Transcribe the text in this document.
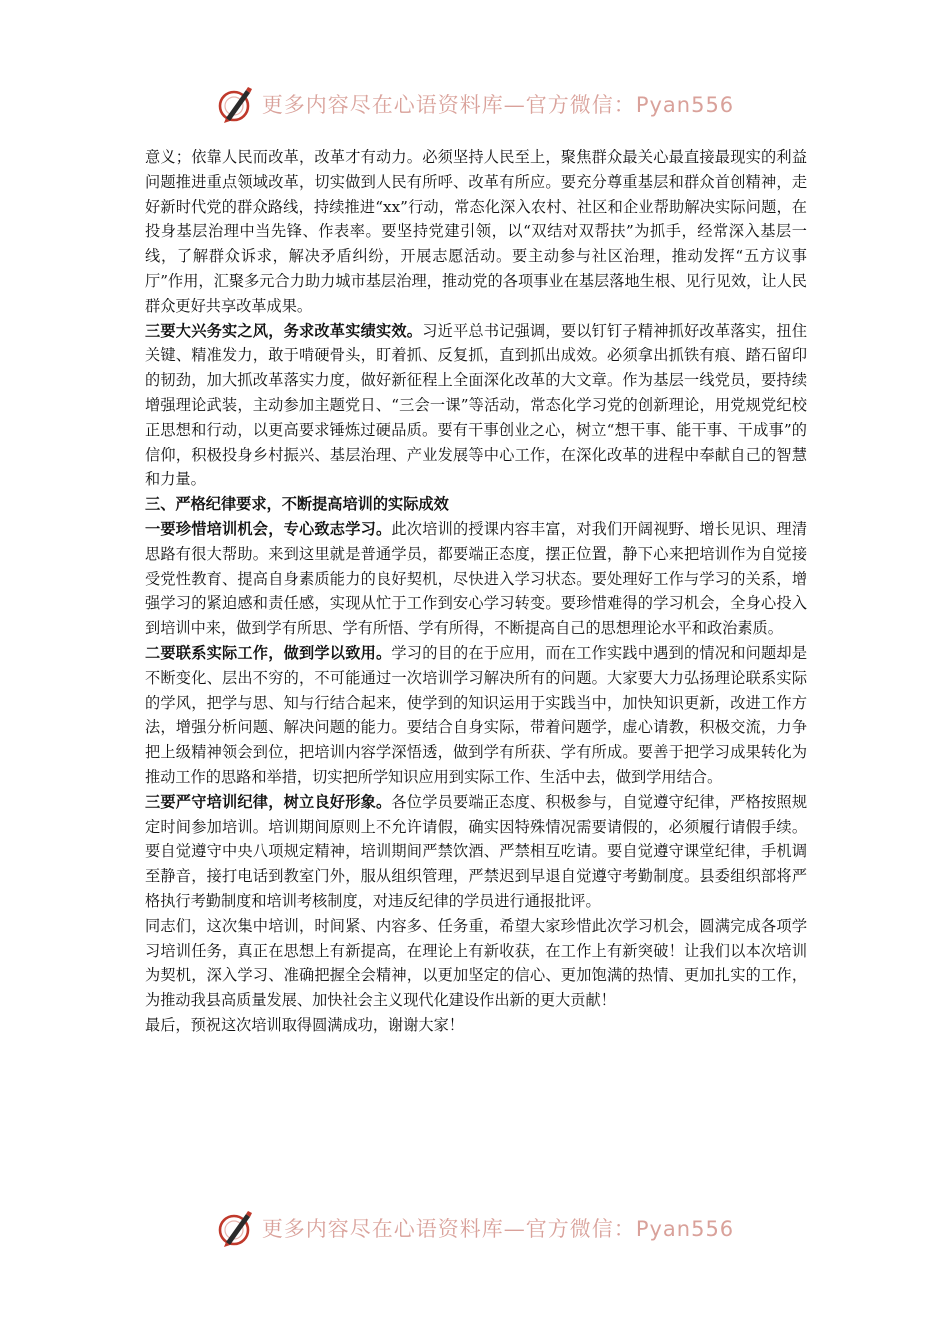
更多内容尽在心语资料库—官方微信：Pyan556

意义；依靠人民而改革，改革才有动力。必须坚持人民至上，聚焦群众最关心最直接最现实的利益问题推进重点领域改革，切实做到人民有所呼、改革有所应。要充分尊重基层和群众首创精神，走好新时代党的群众路线，持续推进“xx”行动，常态化深入农村、社区和企业帮助解决实际问题，在投身基层治理中当先锋、作表率。要坚持党建引领，以“双结对双帮扶”为抓手，经常深入基层一线，了解群众诉求，解决矛盾纠纷，开展志愿活动。要主动参与社区治理，推动发挥“五方议事厅”作用，汇聚多元合力助力城市基层治理，推动党的各项事业在基层落地生根、见行见效，让人民群众更好共享改革成果。

三要大兴务实之风，务求改革实绩实效。习近平总书记强调，要以钉钉子精神抓好改革落实，扭住关键、精准发力，敢于啃硬骨头，盯着抓、反复抓，直到抓出成效。必须拿出抓铁有痕、踏石留印的韧劲，加大抓改革落实力度，做好新征程上全面深化改革的大文章。作为基层一线党员，要持续增强理论武装，主动参加主题党日、“三会一课”等活动，常态化学习党的创新理论，用党规党纪校正思想和行动，以更高要求锤炼过硬品质。要有干事创业之心，树立“想干事、能干事、干成事”的信仰，积极投身乡村振兴、基层治理、产业发展等中心工作，在深化改革的进程中奉献自己的智慧和力量。

三、严格纪律要求，不断提高培训的实际成效

一要珍惜培训机会，专心致志学习。此次培训的授课内容丰富，对我们开阔视野、增长见识、理清思路有很大帮助。来到这里就是普通学员，都要端正态度，摆正位置，静下心来把培训作为自觉接受党性教育、提高自身素质能力的良好契机，尽快进入学习状态。要处理好工作与学习的关系，增强学习的紧迫感和责任感，实现从忙于工作到安心学习转变。要珍惜难得的学习机会，全身心投入到培训中来，做到学有所思、学有所悟、学有所得，不断提高自己的思想理论水平和政治素质。

二要联系实际工作，做到学以致用。学习的目的在于应用，而在工作实践中遇到的情况和问题却是不断变化、层出不穷的，不可能通过一次培训学习解决所有的问题。大家要大力弘扬理论联系实际的学风，把学与思、知与行结合起来，使学到的知识运用于实践当中，加快知识更新，改进工作方法，增强分析问题、解决问题的能力。要结合自身实际，带着问题学，虚心请教，积极交流，力争把上级精神领会到位，把培训内容学深悟透，做到学有所获、学有所成。要善于把学习成果转化为推动工作的思路和举措，切实把所学知识应用到实际工作、生活中去，做到学用结合。

三要严守培训纪律，树立良好形象。各位学员要端正态度、积极参与，自觉遵守纪律，严格按照规定时间参加培训。培训期间原则上不允许请假，确实因特殊情况需要请假的，必须履行请假手续。要自觉遵守中央八项规定精神，培训期间严禁饮酒、严禁相互吃请。要自觉遵守课堂纪律，手机调至静音，接打电话到教室门外，服从组织管理，严禁迟到早退自觉遵守考勤制度。县委组织部将严格执行考勤制度和培训考核制度，对违反纪律的学员进行通报批评。

同志们，这次集中培训，时间紧、内容多、任务重，希望大家珍惜此次学习机会，圆满完成各项学习培训任务，真正在思想上有新提高，在理论上有新收获，在工作上有新突破！让我们以本次培训为契机，深入学习、准确把握全会精神，以更加坚定的信心、更加饱满的热情、更加扎实的工作，为推动我县高质量发展、加快社会主义现代化建设作出新的更大贡献！

最后，预祝这次培训取得圆满成功，谢谢大家！

更多内容尽在心语资料库—官方微信：Pyan556
